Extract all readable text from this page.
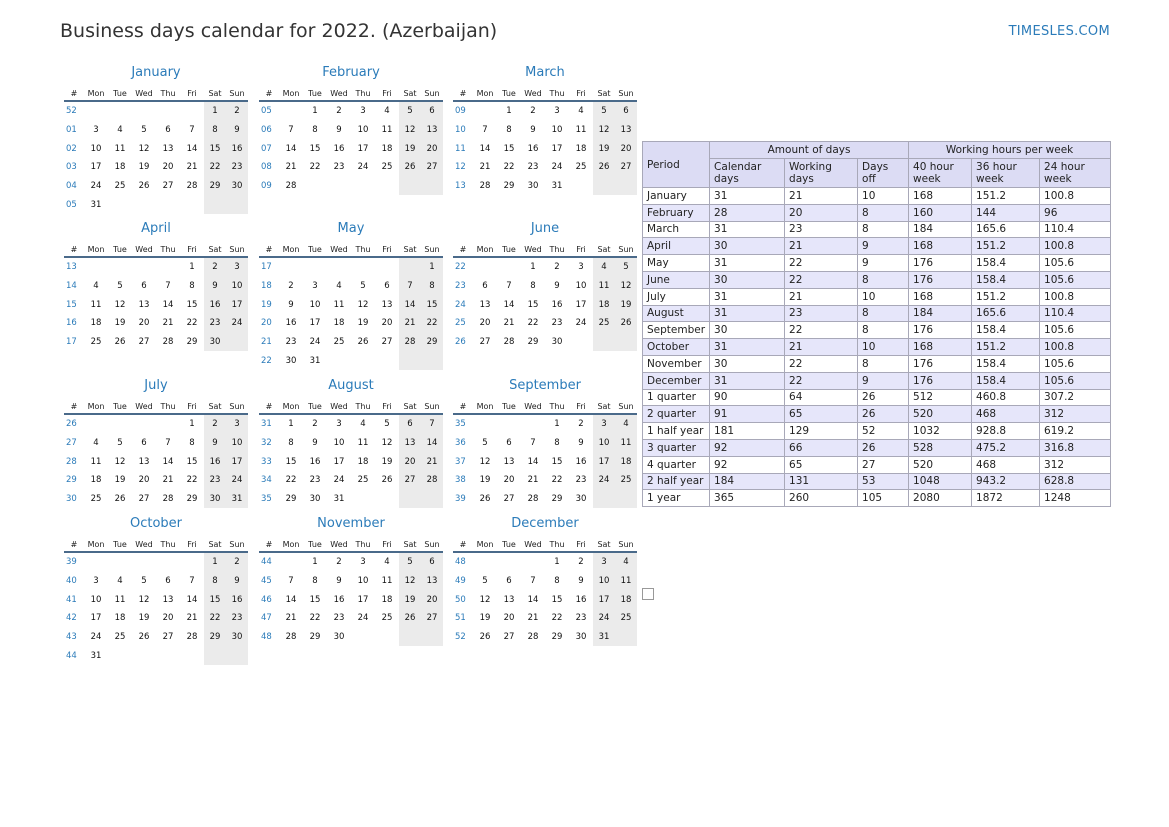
Business days calendar for 2022. (Azerbaijan)	TIMESLES.COM
January
#	Mon	Tue	Wed	Thu	Fri	Sat	Sun
52						1	2
01	3	4	5	6	7	8	9
02	10	11	12	13	14	15	16
03	17	18	19	20	21	22	23
04	24	25	26	27	28	29	30
05	31						
February
#	Mon	Tue	Wed	Thu	Fri	Sat	Sun
05		1	2	3	4	5	6
06	7	8	9	10	11	12	13
07	14	15	16	17	18	19	20
08	21	22	23	24	25	26	27
09	28						
March
#	Mon	Tue	Wed	Thu	Fri	Sat	Sun
09		1	2	3	4	5	6
10	7	8	9	10	11	12	13
11	14	15	16	17	18	19	20
12	21	22	23	24	25	26	27
13	28	29	30	31			
April
#	Mon	Tue	Wed	Thu	Fri	Sat	Sun
13					1	2	3
14	4	5	6	7	8	9	10
15	11	12	13	14	15	16	17
16	18	19	20	21	22	23	24
17	25	26	27	28	29	30	
May
#	Mon	Tue	Wed	Thu	Fri	Sat	Sun
17							1
18	2	3	4	5	6	7	8
19	9	10	11	12	13	14	15
20	16	17	18	19	20	21	22
21	23	24	25	26	27	28	29
22	30	31					
June
#	Mon	Tue	Wed	Thu	Fri	Sat	Sun
22			1	2	3	4	5
23	6	7	8	9	10	11	12
24	13	14	15	16	17	18	19
25	20	21	22	23	24	25	26
26	27	28	29	30			
July
#	Mon	Tue	Wed	Thu	Fri	Sat	Sun
26					1	2	3
27	4	5	6	7	8	9	10
28	11	12	13	14	15	16	17
29	18	19	20	21	22	23	24
30	25	26	27	28	29	30	31
August
#	Mon	Tue	Wed	Thu	Fri	Sat	Sun
31	1	2	3	4	5	6	7
32	8	9	10	11	12	13	14
33	15	16	17	18	19	20	21
34	22	23	24	25	26	27	28
35	29	30	31				
September
#	Mon	Tue	Wed	Thu	Fri	Sat	Sun
35				1	2	3	4
36	5	6	7	8	9	10	11
37	12	13	14	15	16	17	18
38	19	20	21	22	23	24	25
39	26	27	28	29	30		
October
#	Mon	Tue	Wed	Thu	Fri	Sat	Sun
39						1	2
40	3	4	5	6	7	8	9
41	10	11	12	13	14	15	16
42	17	18	19	20	21	22	23
43	24	25	26	27	28	29	30
44	31						
November
#	Mon	Tue	Wed	Thu	Fri	Sat	Sun
44		1	2	3	4	5	6
45	7	8	9	10	11	12	13
46	14	15	16	17	18	19	20
47	21	22	23	24	25	26	27
48	28	29	30				
December
#	Mon	Tue	Wed	Thu	Fri	Sat	Sun
48				1	2	3	4
49	5	6	7	8	9	10	11
50	12	13	14	15	16	17	18
51	19	20	21	22	23	24	25
52	26	27	28	29	30	31	
Period	Amount of days			Working hours per week		
	Calendar days	Working days	Days off	40 hour week	36 hour week	24 hour week
January	31	21	10	168	151.2	100.8
February	28	20	8	160	144	96
March	31	23	8	184	165.6	110.4
April	30	21	9	168	151.2	100.8
May	31	22	9	176	158.4	105.6
June	30	22	8	176	158.4	105.6
July	31	21	10	168	151.2	100.8
August	31	23	8	184	165.6	110.4
September	30	22	8	176	158.4	105.6
October	31	21	10	168	151.2	100.8
November	30	22	8	176	158.4	105.6
December	31	22	9	176	158.4	105.6
1 quarter	90	64	26	512	460.8	307.2
2 quarter	91	65	26	520	468	312
1 half year	181	129	52	1032	928.8	619.2
3 quarter	92	66	26	528	475.2	316.8
4 quarter	92	65	27	520	468	312
2 half year	184	131	53	1048	943.2	628.8
1 year	365	260	105	2080	1872	1248
